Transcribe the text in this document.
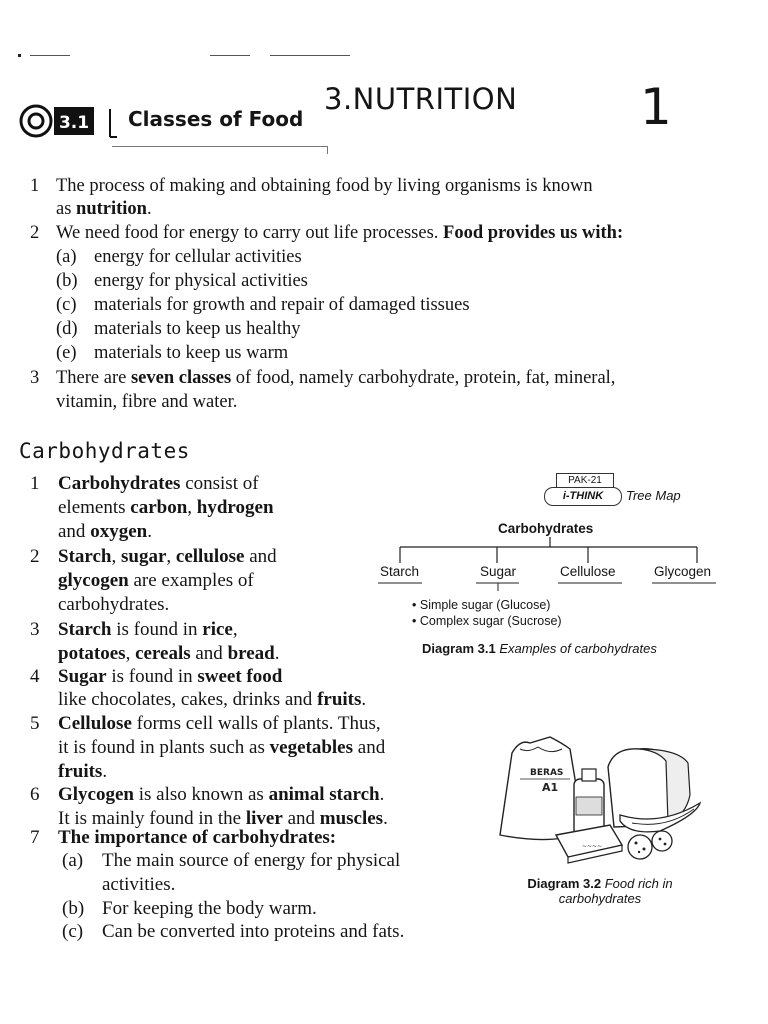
3.1 Classes of Food
3.NUTRITION 1
1 The process of making and obtaining food by living organisms is known
as nutrition.
2 We need food for energy to carry out life processes. Food provides us with:
(a) energy for cellular activities
(b) energy for physical activities
(c) materials for growth and repair of damaged tissues
(d) materials to keep us healthy
(e) materials to keep us warm
3 There are seven classes of food, namely carbohydrate, protein, fat, mineral,
vitamin, fibre and water.
Carbohydrates
1 Carbohydrates consist of
elements carbon, hydrogen
and oxygen.
2 Starch, sugar, cellulose and
glycogen are examples of
carbohydrates.
3 Starch is found in rice,
potatoes, cereals and bread.
4 Sugar is found in sweet food
like chocolates, cakes, drinks and fruits.
5 Cellulose forms cell walls of plants. Thus,
it is found in plants such as vegetables and
fruits.
6 Glycogen is also known as animal starch.
It is mainly found in the liver and muscles.
7 The importance of carbohydrates:
(a) The main source of energy for physical
activities.
(b) For keeping the body warm.
(c) Can be converted into proteins and fats.
PAK-21
i-THINK	Tree Map
Carbohydrates
Starch	Sugar	Cellulose	Glycogen
• Simple sugar (Glucose)
• Complex sugar (Sucrose)
Diagram 3.1 Examples of carbohydrates
BERAS
A1
~~~~
Diagram 3.2 Food rich in
carbohydrates
